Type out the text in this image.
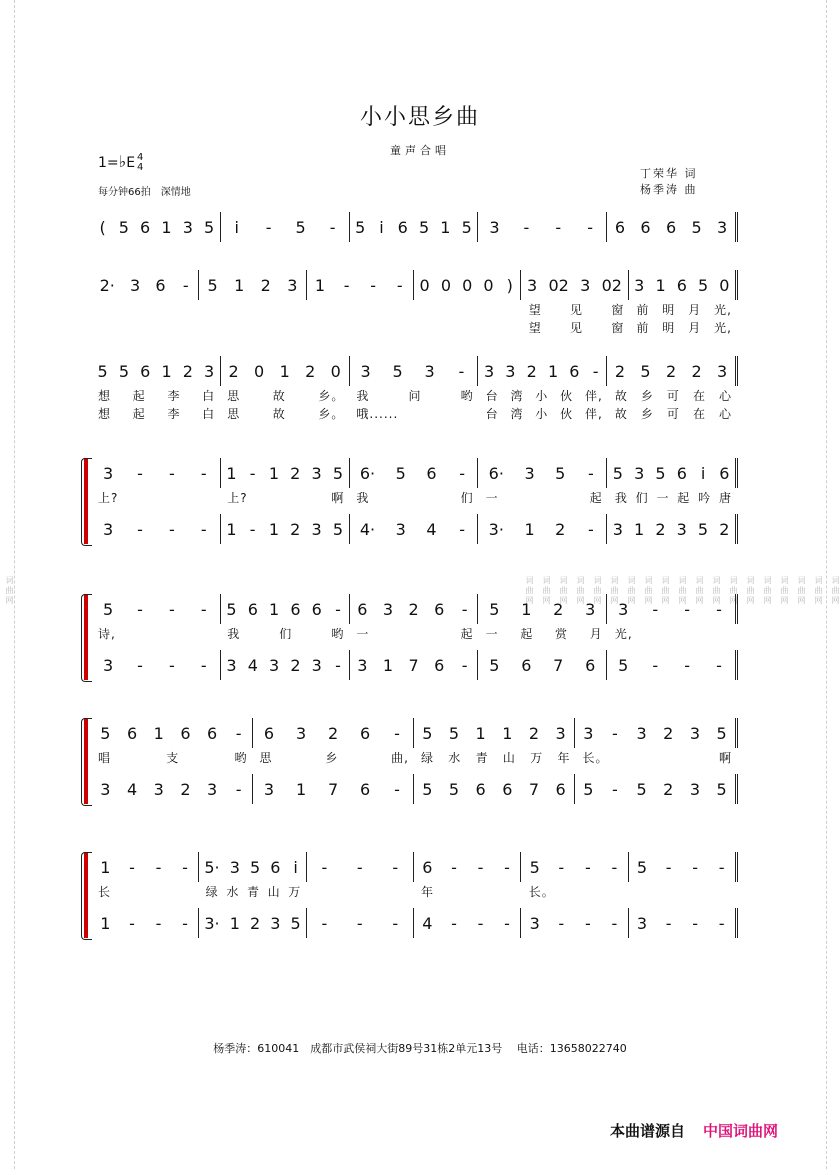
词曲网	词曲网
词曲网
词曲网
词曲网
词曲网
词曲网
词曲网
词曲网
词曲网
词曲网
词曲网
词曲网
词曲网
词曲网
词曲网
词曲网
词曲网
词曲网
词曲网
小小思乡曲
童声合唱
1=♭E 4
4
每分钟66拍　深情地
丁荣华 词
杨季涛 曲
( 5 6 1 3 5 i - 5 - 5 i 6 5 1 5 3 - - - 6 6 6 5 3
2· 3 6 - 5 1 2 3 1 - - - 0 0 0 0 ) 3 02 3 02 3 1 6 5 0
望 见 窗 前 明 月 光,
望 见 窗 前 明 月 光,
5 5 6 1 2 3 2 0 1 2 0 3 5 3 - 3 3 2 1 6 - 2 5 2 2 3
想 起 李 白 思	故	乡。 我	问	哟 台 湾 小 伙 伴, 故 乡 可 在 心
想 起 李 白 思	故	乡。 哦......	台 湾 小 伙 伴, 故 乡 可 在 心
3 - - - 1 - 1 2 3 5 6· 5 6 - 6· 3 5 - 5 3 5 6 i 6
上?	上?	啊 我	们 一	起 我 们 一 起 吟 唐
3 - - - 1 - 1 2 3 5 4· 3 4 - 3· 1 2 - 3 1 2 3 5 2
5 - - - 5 6 1 6 6 - 6 3 2 6 - 5 1 2 3 3 - - -
诗,	我	们	哟 一	起 一 起 赏 月 光,
3 - - - 3 4 3 2 3 - 3 1 7 6 - 5 6 7 6 5 - - -
5 6 1 6 6 - 6 3 2 6 - 5 5 1 1 2 3 3 - 3 2 3 5
唱	支	哟 思	乡	曲, 绿 水 青 山 万 年 长。	啊
3 4 3 2 3 - 3 1 7 6 - 5 5 6 6 7 6 5 - 5 2 3 5
1 - - - 5· 3 5 6 i - - - 6 - - - 5 - - - 5 - - -
长	绿 水 青 山 万	年	长。
1 - - - 3· 1 2 3 5 - - - 4 - - - 3 - - - 3 - - -
杨季涛：610041　成都市武侯祠大街89号31栋2单元13号　 电话：13658022740
本曲谱源自 中国词曲网
